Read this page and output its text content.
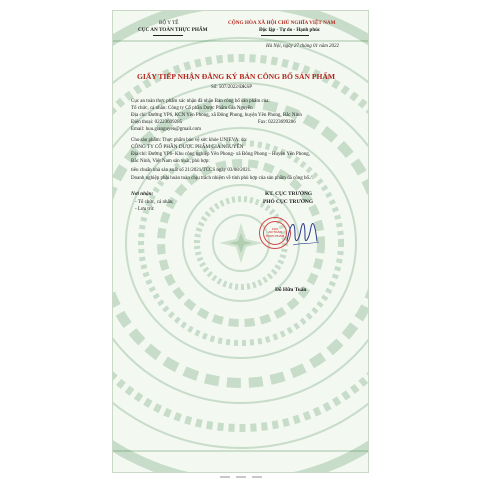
BỘ Y TẾ
CỤC AN TOÀN THỰC PHẨM
CỘNG HÒA XÃ HỘI CHỦ NGHĨA VIỆT NAM
Độc lập - Tự do - Hạnh phúc
Hà Nội, ngày 27 tháng 01 năm 2022
GIẤY TIẾP NHẬN ĐĂNG KÝ BẢN CÔNG BỐ SẢN PHẨM
Số: 507/2022/ĐKSP
Cục an toàn thực phẩm xác nhận đã nhận Bản công bố sản phẩm của:
Tổ chức, cá nhân: Công ty Cổ phần Dược Phẩm Gia Nguyễn
Địa chỉ: Đường YP6, KCN Yên Phong, xã Đông Phong, huyện Yên Phong, Bắc Ninh
Điện thoại: 02223699285	Fax: 02223699286
Email: huu.gianguyen@gmail.com
Cho sản phẩm: Thực phẩm bảo vệ sức khỏe UNIEVA; do:
CÔNG TY CỔ PHẦN DƯỢC PHẨM GIA NGUYỄN
Địa chỉ: Đường YP6- Khu công nghiệp Yên Phong- xã Đông Phong – Huyện Yên Phong,
Bắc Ninh, Việt Nam sản xuất, phù hợp:
tiêu chuẩn nhà sản xuất số 21/2021/TCCS ngày 03/08/2021.
Doanh nghiệp phải hoàn toàn chịu trách nhiệm về tính phù hợp của sản phẩm đã công bố./.
Nơi nhận:
- Tổ chức, cá nhân;
- Lưu trữ.
KT. CỤC TRƯỞNG
PHÓ CỤC TRƯỞNG
CỤC
AN TOÀN
THỰC PHẨM
Đỗ Hữu Tuấn
